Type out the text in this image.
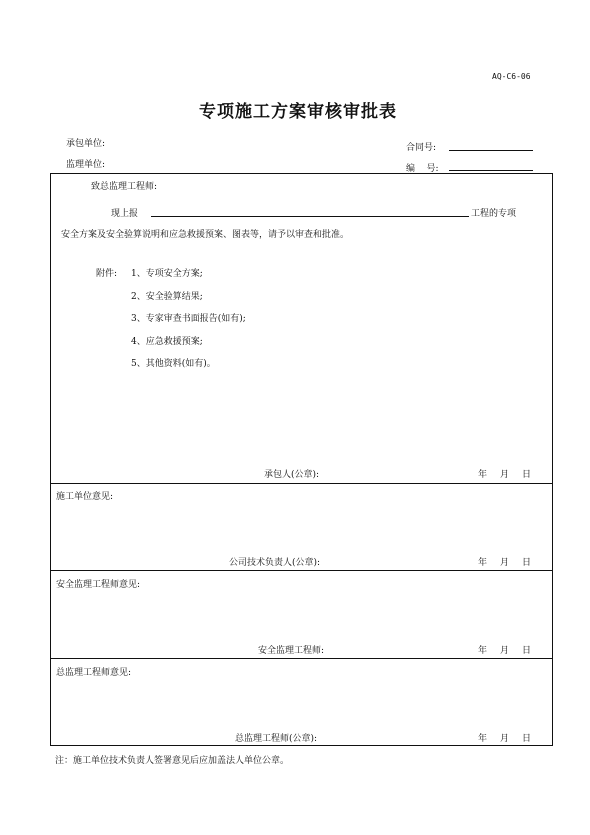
AQ-C6-06
专项施工方案审核审批表
承包单位:
监理单位:
合同号:
编    号:
致总监理工程师:
现上报	工程的专项
安全方案及安全验算说明和应急救援预案、图表等，请予以审查和批准。
附件: 1、专项安全方案;
2、安全验算结果;
3、专家审查书面报告(如有);
4、应急救援预案;
5、其他资料(如有)。
承包人(公章):	年 月 日
施工单位意见:
公司技术负责人(公章):	年 月 日
安全监理工程师意见:
安全监理工程师:	年 月 日
总监理工程师意见:
总监理工程师(公章):	年 月 日
注：施工单位技术负责人签署意见后应加盖法人单位公章。
